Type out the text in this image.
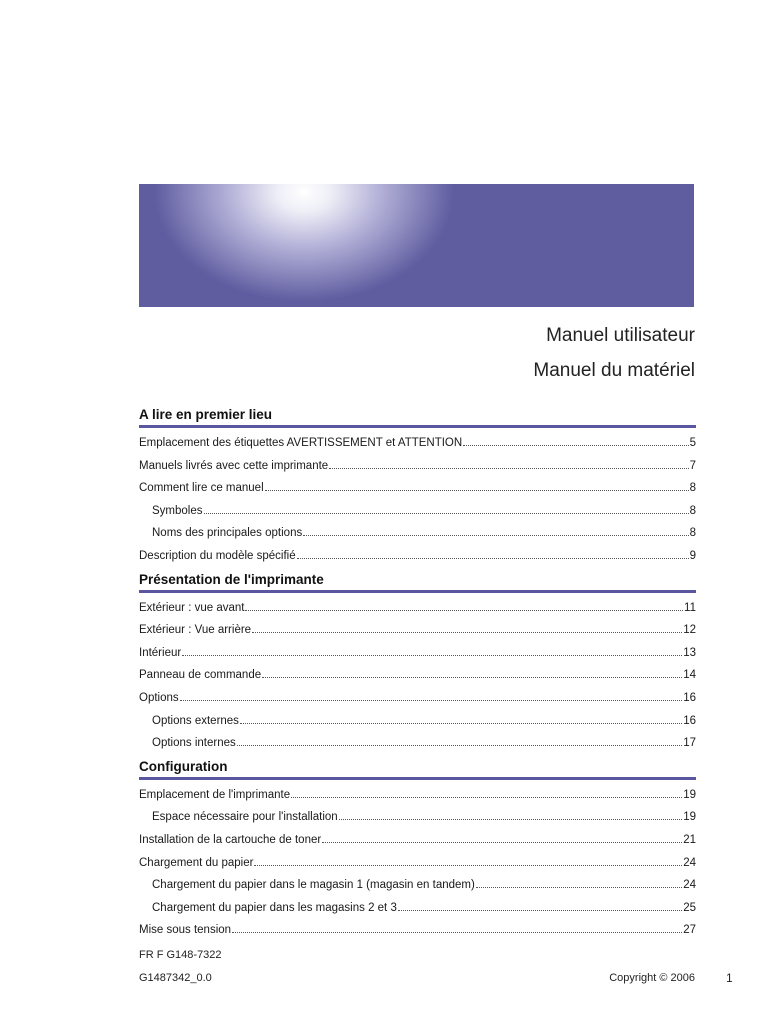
Manuel utilisateur
Manuel du matériel
A lire en premier lieu
Emplacement des étiquettes AVERTISSEMENT et ATTENTION	5
Manuels livrés avec cette imprimante	7
Comment lire ce manuel	8
Symboles	8
Noms des principales options	8
Description du modèle spécifié	9
Présentation de l'imprimante
Extérieur : vue avant	11
Extérieur : Vue arrière	12
Intérieur	13
Panneau de commande	14
Options	16
Options externes	16
Options internes	17
Configuration
Emplacement de l'imprimante	19
Espace nécessaire pour l'installation	19
Installation de la cartouche de toner	21
Chargement du papier	24
Chargement du papier dans le magasin 1 (magasin en tandem)	24
Chargement du papier dans les magasins 2 et 3	25
Mise sous tension	27
FR F G148-7322
G1487342_0.0	Copyright © 2006	1
